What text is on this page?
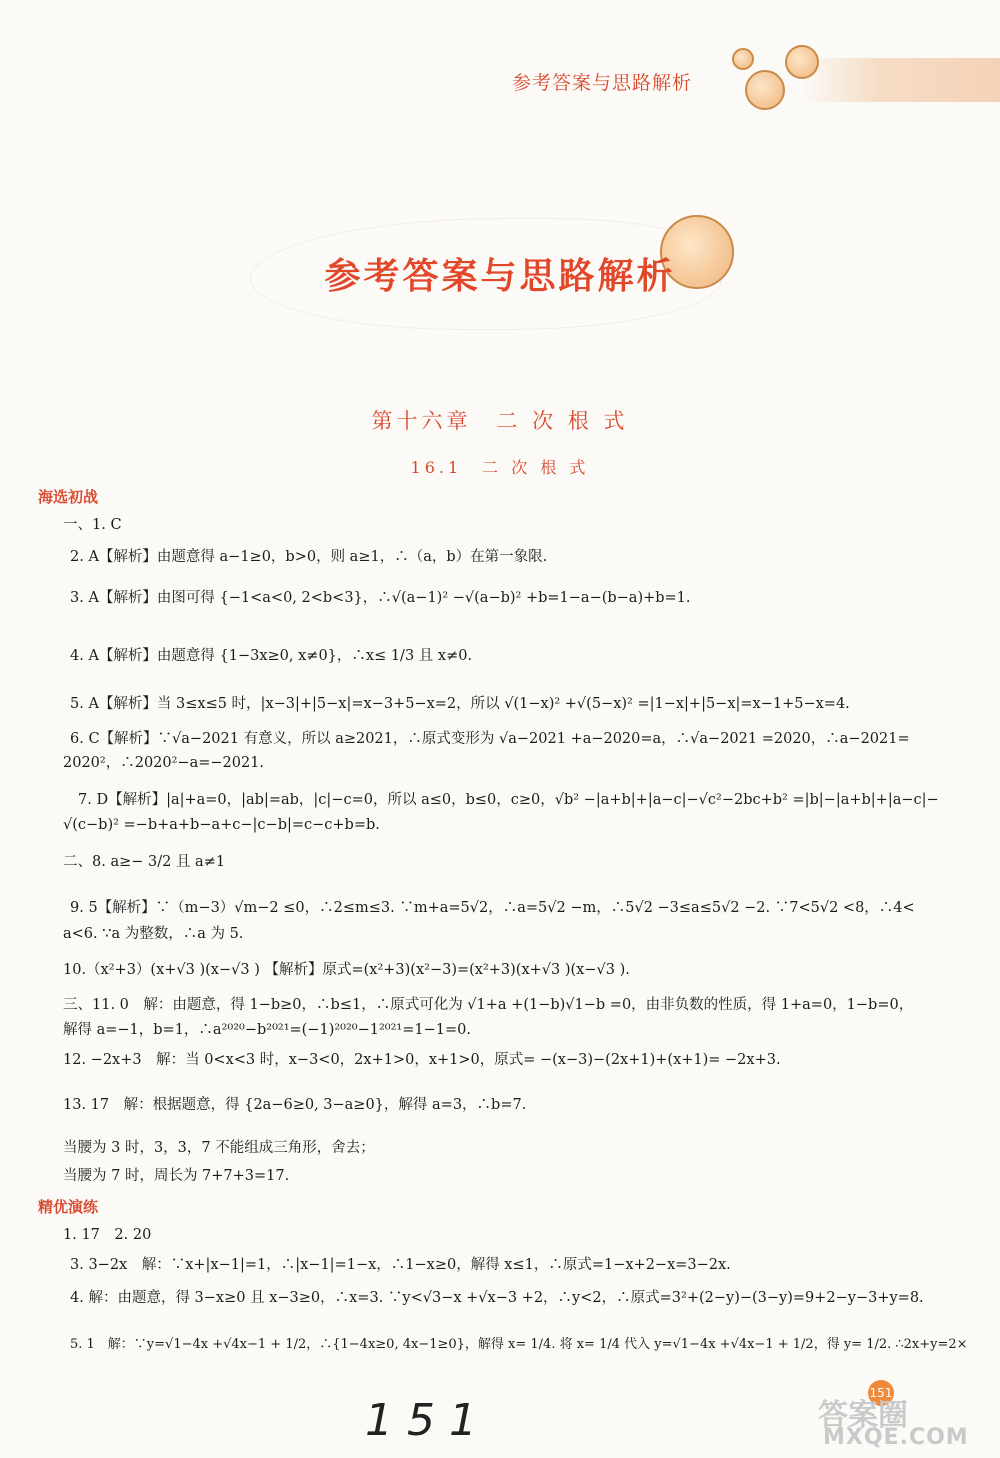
参考答案与思路解析
参考答案与思路解析
第十六章　二 次 根 式
16.1　二 次 根 式
海选初战
一、1. C
2. A【解析】由题意得 a−1≥0，b>0，则 a≥1，∴（a，b）在第一象限.
3. A【解析】由图可得 {−1<a<0, 2<b<3}，∴√(a−1)² −√(a−b)² +b=1−a−(b−a)+b=1.
4. A【解析】由题意得 {1−3x≥0, x≠0}，∴x≤ 1/3 且 x≠0.
5. A【解析】当 3≤x≤5 时，|x−3|+|5−x|=x−3+5−x=2，所以 √(1−x)² +√(5−x)² =|1−x|+|5−x|=x−1+5−x=4.
6. C【解析】∵√a−2021 有意义，所以 a≥2021，∴原式变形为 √a−2021 +a−2020=a，∴√a−2021 =2020，∴a−2021=
2020²，∴2020²−a=−2021.
7. D【解析】|a|+a=0，|ab|=ab，|c|−c=0，所以 a≤0，b≤0，c≥0，√b² −|a+b|+|a−c|−√c²−2bc+b² =|b|−|a+b|+|a−c|−
√(c−b)² =−b+a+b−a+c−|c−b|=c−c+b=b.
二、8. a≥− 3/2 且 a≠1
9. 5【解析】∵（m−3）√m−2 ≤0，∴2≤m≤3. ∵m+a=5√2，∴a=5√2 −m，∴5√2 −3≤a≤5√2 −2. ∵7<5√2 <8，∴4<
a<6. ∵a 为整数，∴a 为 5.
10.（x²+3）(x+√3 )(x−√3 ) 【解析】原式=(x²+3)(x²−3)=(x²+3)(x+√3 )(x−√3 ).
三、11. 0　解：由题意，得 1−b≥0，∴b≤1，∴原式可化为 √1+a +(1−b)√1−b =0，由非负数的性质，得 1+a=0，1−b=0，
解得 a=−1，b=1，∴a²⁰²⁰−b²⁰²¹=(−1)²⁰²⁰−1²⁰²¹=1−1=0.
12. −2x+3　解：当 0<x<3 时，x−3<0，2x+1>0，x+1>0，原式= −(x−3)−(2x+1)+(x+1)= −2x+3.
13. 17　解：根据题意，得 {2a−6≥0, 3−a≥0}，解得 a=3，∴b=7.
当腰为 3 时，3，3，7 不能组成三角形，舍去；
当腰为 7 时，周长为 7+7+3=17.
精优演练
1. 17　2. 20
3. 3−2x　解：∵x+|x−1|=1，∴|x−1|=1−x，∴1−x≥0，解得 x≤1，∴原式=1−x+2−x=3−2x.
4. 解：由题意，得 3−x≥0 且 x−3≥0，∴x=3. ∵y<√3−x +√x−3 +2，∴y<2，∴原式=3²+(2−y)−(3−y)=9+2−y−3+y=8.
5. 1　解：∵y=√1−4x +√4x−1 + 1/2，∴{1−4x≥0, 4x−1≥0}，解得 x= 1/4. 将 x= 1/4 代入 y=√1−4x +√4x−1 + 1/2，得 y= 1/2. ∴2x+y=2×
151
151
答案圈
MXQE.COM
